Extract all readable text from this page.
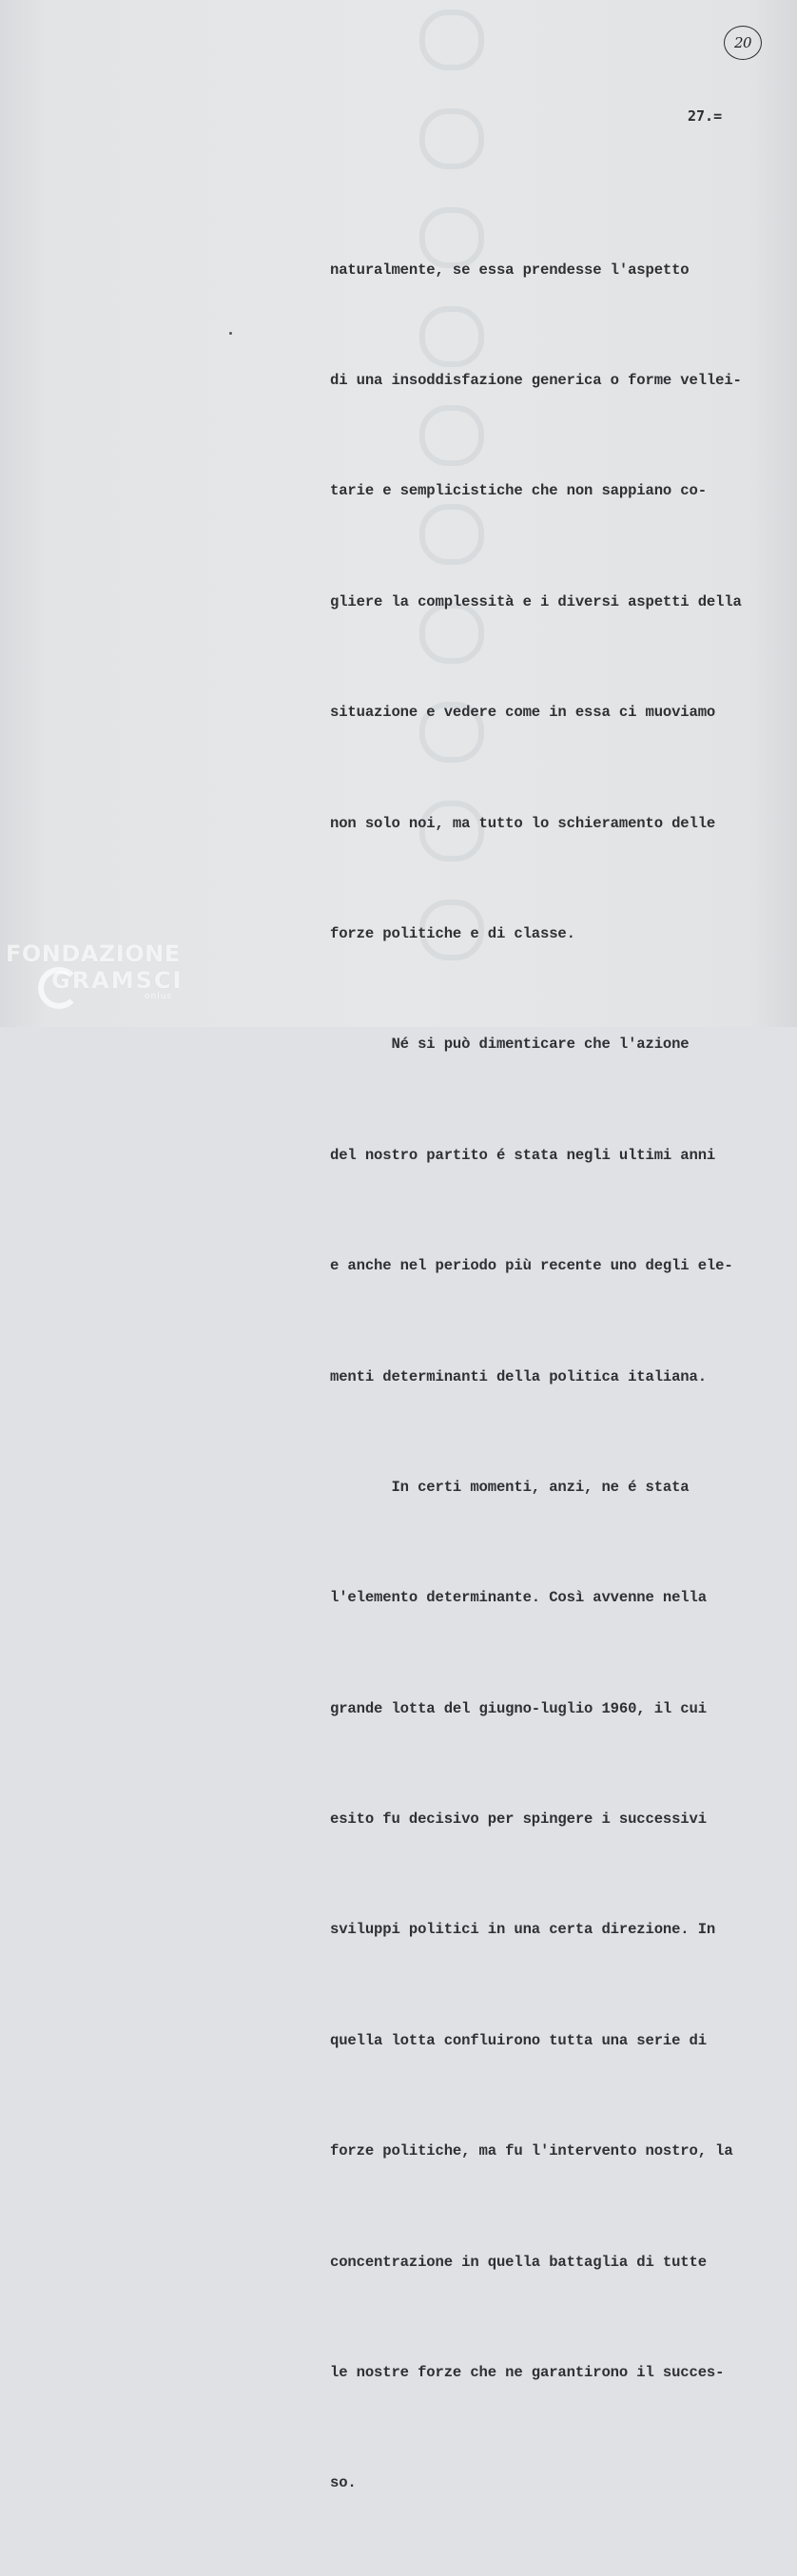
20
27.=

naturalmente, se essa prendesse l'aspetto

di una insoddisfazione generica o forme vellei-

tarie e semplicistiche che non sappiano co-

gliere la complessità e i diversi aspetti della

situazione e vedere come in essa ci muoviamo

non solo noi, ma tutto lo schieramento delle

forze politiche e di classe.

Né si può dimenticare che l'azione

del nostro partito é stata negli ultimi anni

e anche nel periodo più recente uno degli ele-

menti determinanti della politica italiana.

In certi momenti, anzi, ne é stata

l'elemento determinante. Così avvenne nella

grande lotta del giugno-luglio 1960, il cui

esito fu decisivo per spingere i successivi

sviluppi politici in una certa direzione. In

quella lotta confluirono tutta una serie di

forze politiche, ma fu l'intervento nostro, la

concentrazione in quella battaglia di tutte

le nostre forze che ne garantirono il succes-

so.

FONDAZIONE
GRAMSCI
onlus
